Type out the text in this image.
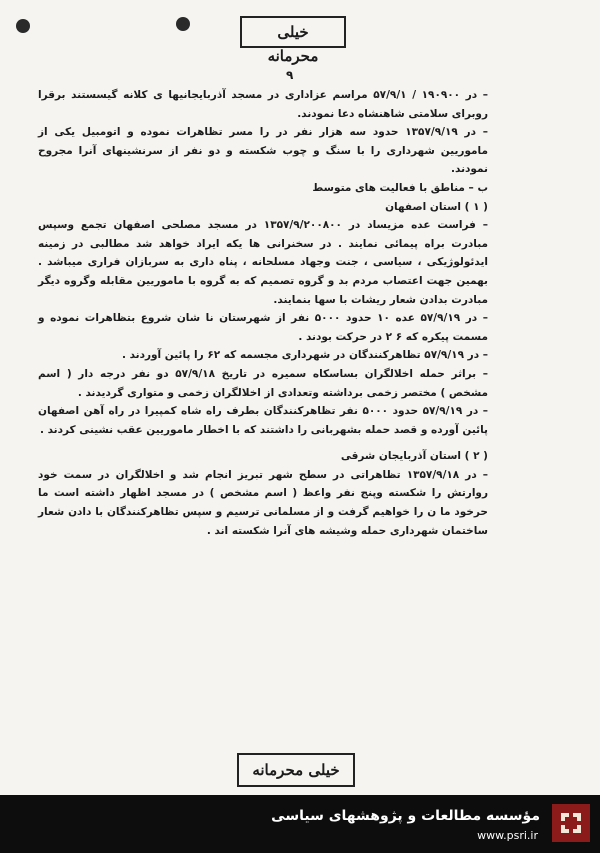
خیلی محرمانه
۹

– در ۱۹۰۹۰۰ / ۵۷/۹/۱ مراسم عزاداری در مسجد آذربایجانیها ی کلانه گیسستند برقرا روبرای سلامتی شاهنشاه دعا نمودند.

– در ۱۳۵۷/۹/۱۹ حدود سه هزار نفر در را مسر تظاهرات نموده و اتومبیل یکی از ماموریین شهرداری را با سنگ و چوب شکسته و دو نفر از سرنشینهای آنرا مجروح نمودند.

ب – مناطق با فعالیت های متوسط

( ۱ ) استان اصفهان

– فراست عده مزیساد در ۱۳۵۷/۹/۲۰۰۸۰۰ در مسجد مصلحی اصفهان تجمع وسپس مبادرت براه پیمائی نمایند . در سخنرانی ها یکه ایراد خواهد شد مطالبی در زمینه ایدئولوژیکی ، سیاسی ، جنت وجهاد مسلحانه ، پناه داری به سربازان فراری میباشد . بهمین جهت اعتصاب مردم بد و گروه تصمیم که به گروه با ماموریین مقابله وگروه دیگر مبادرت بدادن شعار ریشات با سها بنمایند.

– در ۵۷/۹/۱۹ عده ۱۰ حدود ۵۰۰۰ نفر از شهرستان نا شان شروع بتظاهرات نموده و مسمت پیکره که ۶ ۲ در حرکت بودند .

– در ۵۷/۹/۱۹ تظاهرکنندگان در شهرداری مجسمه که ۶۲ را پائین آوردند .

– براثر حمله اخلالگران بساسکاه سمیره در تاریخ ۵۷/۹/۱۸ دو نفر درجه دار ( اسم مشخص ) مختصر زخمی برداشته وتعدادی از اخلالگران زخمی و متواری گردیدند .

– در ۵۷/۹/۱۹ حدود ۵۰۰۰ نفر تظاهرکنندگان بطرف راه شاه کمپیرا در راه آهن اصفهان پائین آورده و قصد حمله بشهربانی را داشتند که با اخطار ماموریین عقب نشینی کردند .

( ۲ ) استان آذربایجان شرقی

– در ۱۳۵۷/۹/۱۸ تظاهراتی در سطح شهر تبریز انجام شد و اخلالگران در سمت خود روارتش را شکسته وپنج نفر واعظ ( اسم مشخص ) در مسجد اظهار داشته است ما حرخود ما ن را خواهیم گرفت و از مسلمانی ترسیم و سپس تظاهرکنندگان با دادن شعار ساختمان شهرداری حمله وشیشه های آنرا شکسته اند .

خیلی محرمانه
مؤسسه مطالعات و پژوهشهای سیاسی
www.psri.ir
